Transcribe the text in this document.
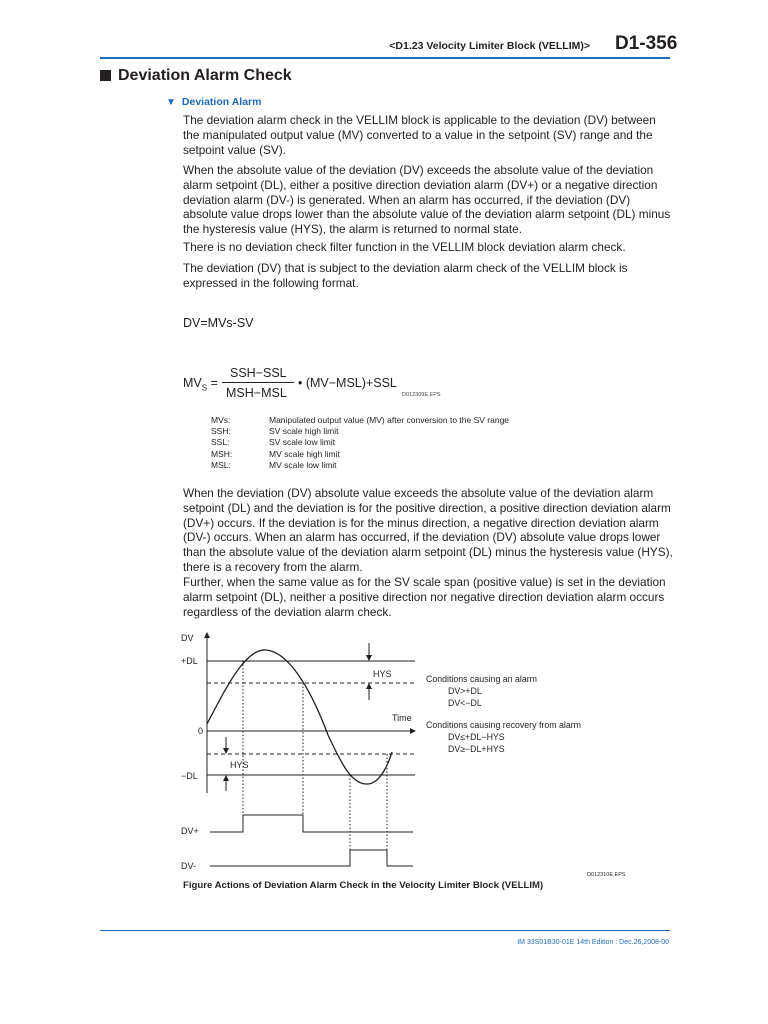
<D1.23 Velocity Limiter Block (VELLIM)> D1-356
Deviation Alarm Check
▼ Deviation Alarm
The deviation alarm check in the VELLIM block is applicable to the deviation (DV) between the manipulated output value (MV) converted to a value in the setpoint (SV) range and the setpoint value (SV).
When the absolute value of the deviation (DV) exceeds the absolute value of the deviation alarm setpoint (DL), either a positive direction deviation alarm (DV+) or a negative direction deviation alarm (DV-) is generated. When an alarm has occurred, if the deviation (DV) absolute value drops lower than the absolute value of the deviation alarm setpoint (DL) minus the hysteresis value (HYS), the alarm is returned to normal state.
There is no deviation check filter function in the VELLIM block deviation alarm check.
The deviation (DV) that is subject to the deviation alarm check of the VELLIM block is expressed in the following format.
DV=MVs-SV
$MV_S$ =
SSH−SSL
MSH−MSL
• (MV−MSL)+SSL
D012309E.EPS
MVs:	Manipulated output value (MV) after conversion to the SV range
SSH:	SV scale high limit
SSL:	SV scale low limit
MSH:	MV scale high limit
MSL:	MV scale low limit
When the deviation (DV) absolute value exceeds the absolute value of the deviation alarm setpoint (DL) and the deviation is for the positive direction, a positive direction deviation alarm (DV+) occurs. If the deviation is for the minus direction, a negative direction deviation alarm (DV-) occurs. When an alarm has occurred, if the deviation (DV) absolute value drops lower than the absolute value of the deviation alarm setpoint (DL) minus the hysteresis value (HYS), there is a recovery from the alarm.
Further, when the same value as for the SV scale span (positive value) is set in the deviation alarm setpoint (DL), neither a positive direction nor negative direction deviation alarm occurs regardless of the deviation alarm check.
DV
+DL
0
−DL
Time
HYS
HYS
DV+
DV-
Conditions causing an alarm
DV>+DL
DV<−DL
Conditions causing recovery from alarm
DV≤+DL−HYS
DV≥−DL+HYS
D012310E.EPS
Figure Actions of Deviation Alarm Check in the Velocity Limiter Block (VELLIM)
IM 33S01B30-01E 14th Edition : Dec.26,2008-00
